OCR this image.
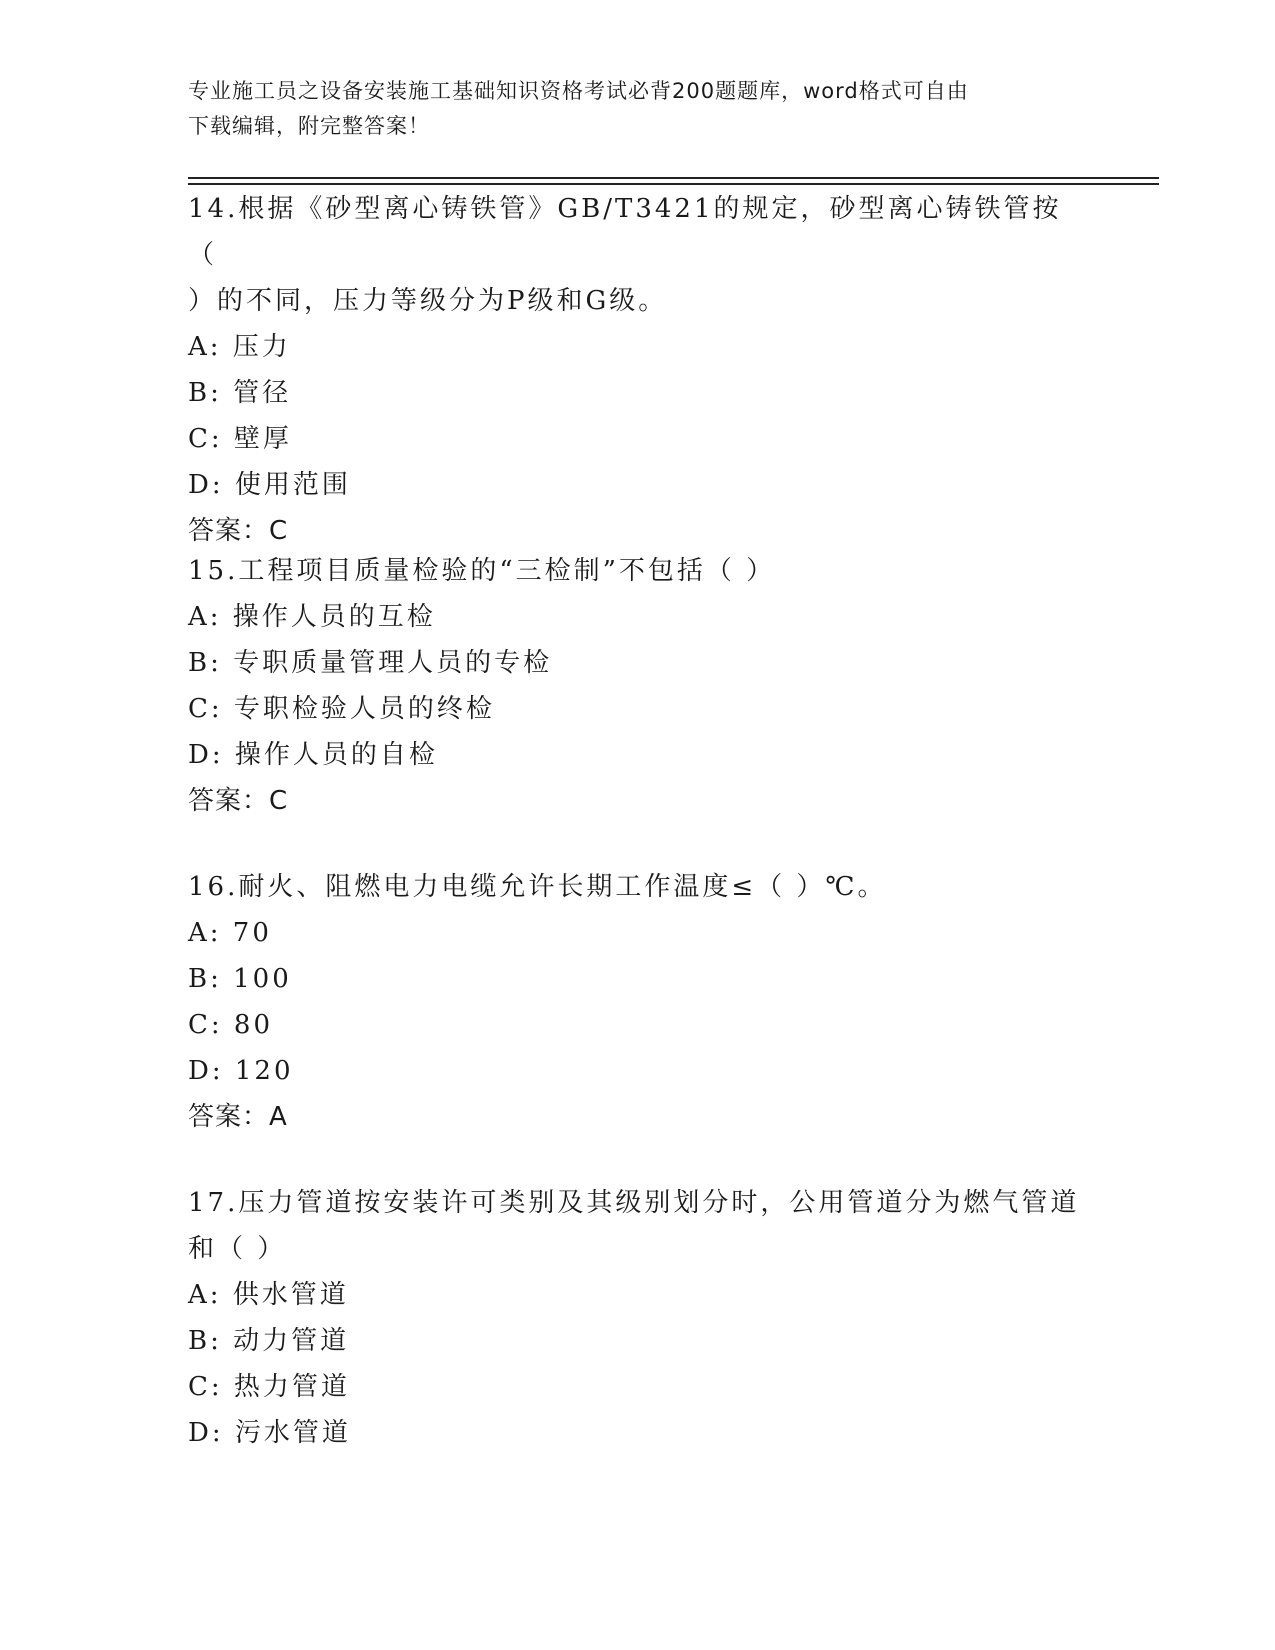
专业施工员之设备安装施工基础知识资格考试必背200题题库，word格式可自由
下载编辑，附完整答案！
14.根据《砂型离心铸铁管》GB/T3421的规定，砂型离心铸铁管按（
）的不同，压力等级分为P级和G级。
A: 压力
B: 管径
C: 壁厚
D: 使用范围
答案：C
15.工程项目质量检验的“三检制”不包括（ ）
A: 操作人员的互检
B: 专职质量管理人员的专检
C: 专职检验人员的终检
D: 操作人员的自检
答案：C
16.耐火、阻燃电力电缆允许长期工作温度≤（ ）℃。
A: 70
B: 100
C: 80
D: 120
答案：A
17.压力管道按安装许可类别及其级别划分时，公用管道分为燃气管道
和（ ）
A: 供水管道
B: 动力管道
C: 热力管道
D: 污水管道
